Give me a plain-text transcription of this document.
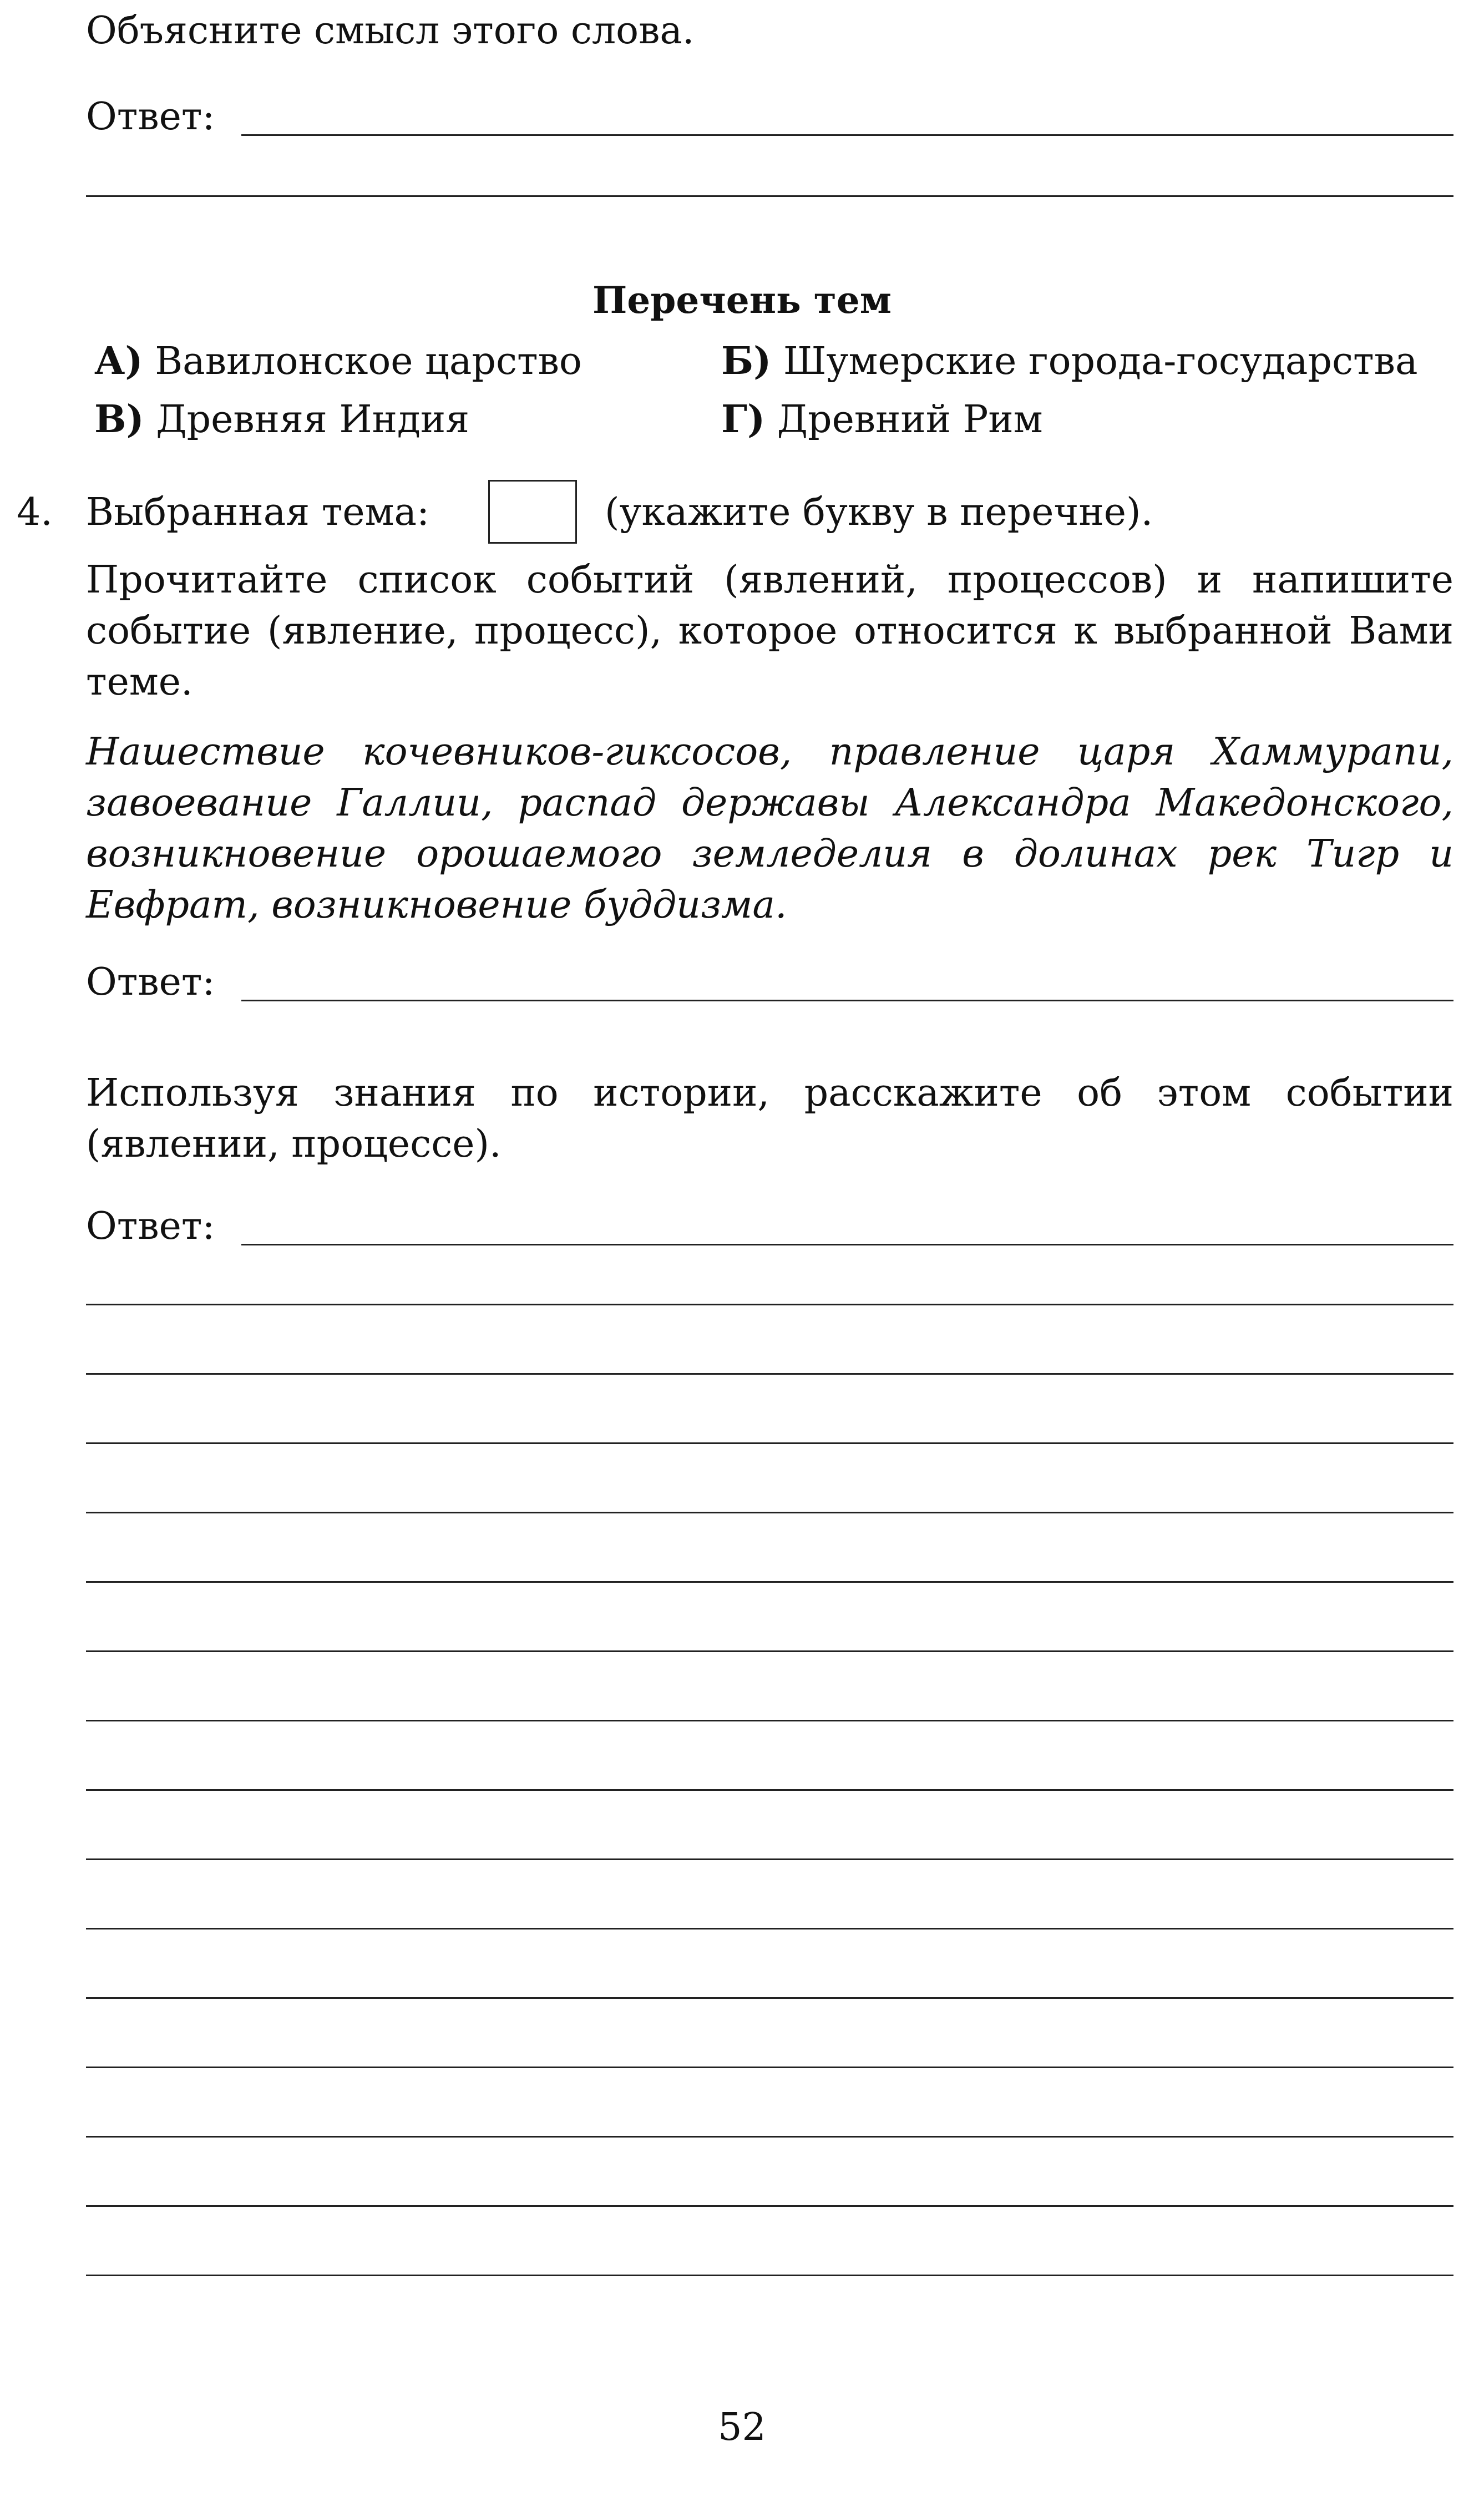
Объясните смысл этого слова.

Ответ:
Перечень тем
А) Вавилонское царство	Б) Шумерские города-государства
В) Древняя Индия	Г) Древний Рим
4. Выбранная тема:	(укажите букву в перечне).

Прочитайте список событий (явлений, процессов) и напишите событие (явление, процесс), которое относится к выбранной Вами теме.

Нашествие кочевников-гиксосов, правление царя Хаммурапи, завоевание Галлии, распад державы Александра Македонского, возникновение орошаемого земледелия в долинах рек Тигр и Евфрат, возникновение буддизма.

Ответ:

Используя знания по истории, расскажите об этом событии (явлении, процессе).

Ответ:
52
